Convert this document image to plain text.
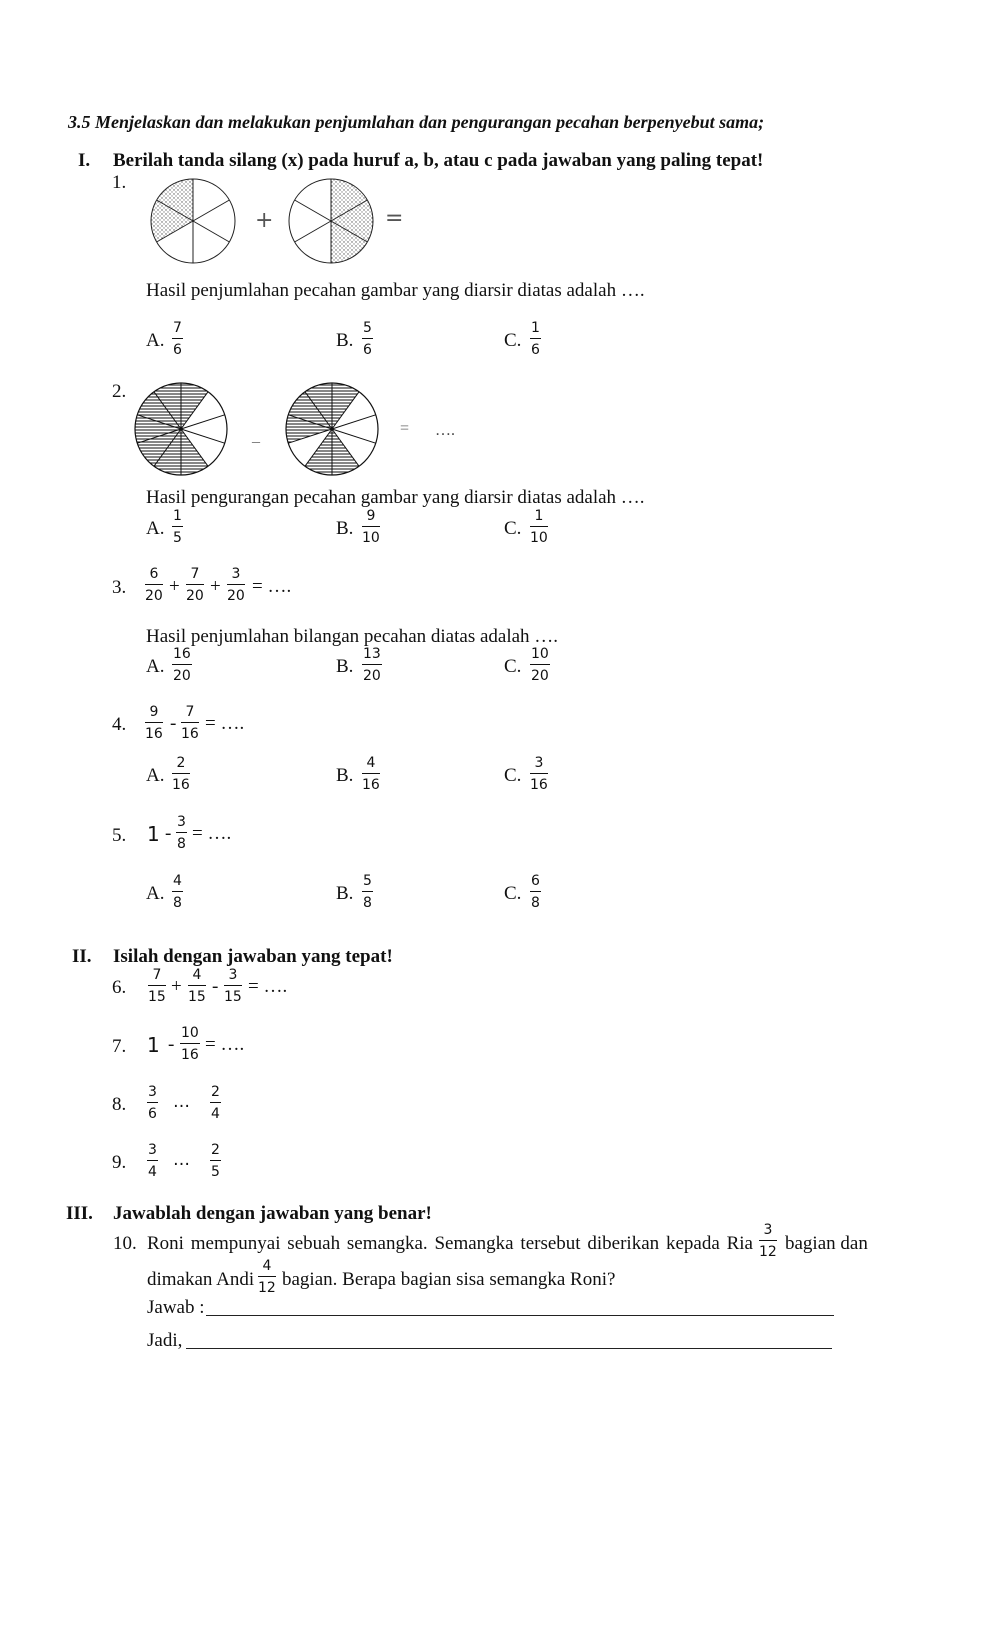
3.5 Menjelaskan dan melakukan penjumlahan dan pengurangan pecahan berpenyebut sama;
I. Berilah tanda silang (x) pada huruf a, b, atau c pada jawaban yang paling tepat!
1.
+	=
Hasil penjumlahan pecahan gambar yang diarsir diatas adalah ….
A.
7
6	B.
5
6	C.
1
6
2.
_	= ….
Hasil pengurangan pecahan gambar yang diarsir diatas adalah ….
A.
1
5	B.
9
10	C.
1
10
3.
6
20 +
7
20 +
3
20 = ….
Hasil penjumlahan bilangan pecahan diatas adalah ….
A.
16
20	B.
13
20	C.
10
20
4.
9
16 -
7
16 = ….
A.
2
16	B.
4
16	C.
3
16
5. 1 -
3
8 = ….
A.
4
8	B.
5
8	C.
6
8
II. Isilah dengan jawaban yang tepat!
6.
7
15 +
4
15 -
3
15 = ….
7. 1 -
10
16 = ….
8.
3
6
… 2
4
9.
3
4
… 2
5
III. Jawablah dengan jawaban yang benar!
10. Roni mempunyai sebuah semangka. Semangka tersebut diberikan kepada Ria
3
12 bagian dan
dimakan Andi
4
12 bagian. Berapa bagian sisa semangka Roni?
Jawab :
Jadi,
